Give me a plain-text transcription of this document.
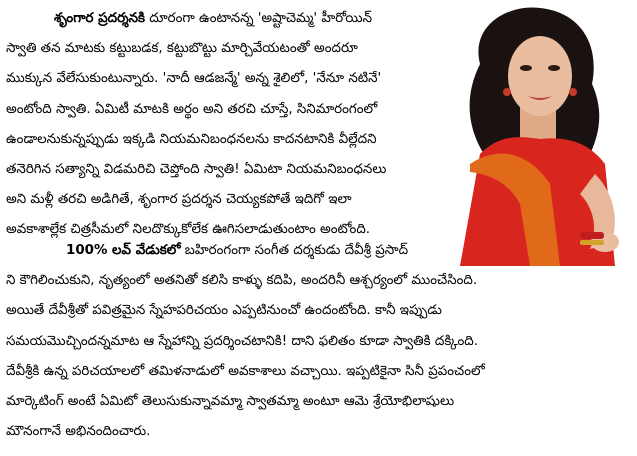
శృంగార ప్రదర్శనకి దూరంగా ఉంటానన్న 'అష్టాచెమ్మ' హీరోయిన్
స్వాతి తన మాటకు కట్టుబడక, కట్టుబొట్టు మార్చివేయటంతో అందరూ
ముక్కున వేలేసుకుంటున్నారు. 'నాదీ ఆడజన్మే' అన్న శైలిలో, 'నేనూ నటినే'
అంటోంది స్వాతి. ఏమిటీ మాటకి అర్థం అని తరచి చూస్తే, సినిమారంగంలో
ఉండాలనుకున్నప్పుడు ఇక్కడి నియమనిబంధనలను కాదనటానికి వీల్లేదని
తనెరిగిన సత్యాన్ని విడమరిచి చెప్తోంది స్వాతి! ఏమిటా నియమనిబంధనలు
అని మళ్లీ తరచి అడిగితే, శృంగార ప్రదర్శన చెయ్యకపోతే ఇదిగో ఇలా
అవకాశాల్లేక చిత్రసీమలో నిలదొక్కుకోలేక ఊగిసలాడుతుంటాం అంటోంది.
100% లవ్ వేడుకలో బహిరంగంగా సంగీత దర్శకుడు దేవీశ్రీ ప్రసాద్
ని కౌగిలించుకుని, నృత్యంలో అతనితో కలిసి కాళ్ళు కదిపి, అందరినీ ఆశ్చర్యంలో ముంచేసింది.
అయితే దేవీశ్రీతో పవిత్రమైన స్నేహపరిచయం ఎప్పటినుంచో ఉందంటోంది. కానీ ఇప్పుడు
సమయమొచ్చిందన్నమాట ఆ స్నేహాన్ని ప్రదర్శించటానికి! దాని ఫలితం కూడా స్వాతికి దక్కింది.
దేవీశ్రీకి ఉన్న పరిచయాలలో తమిళనాడులో అవకాశాలు వచ్చాయి. ఇప్పటికైనా సినీ ప్రపంచంలో
మార్కెటింగ్ అంటే ఏమిటో తెలుసుకున్నావమ్మా స్వాతమ్మా అంటూ ఆమె శ్రేయోభిలాషులు
మౌనంగానే అభినందించారు.
